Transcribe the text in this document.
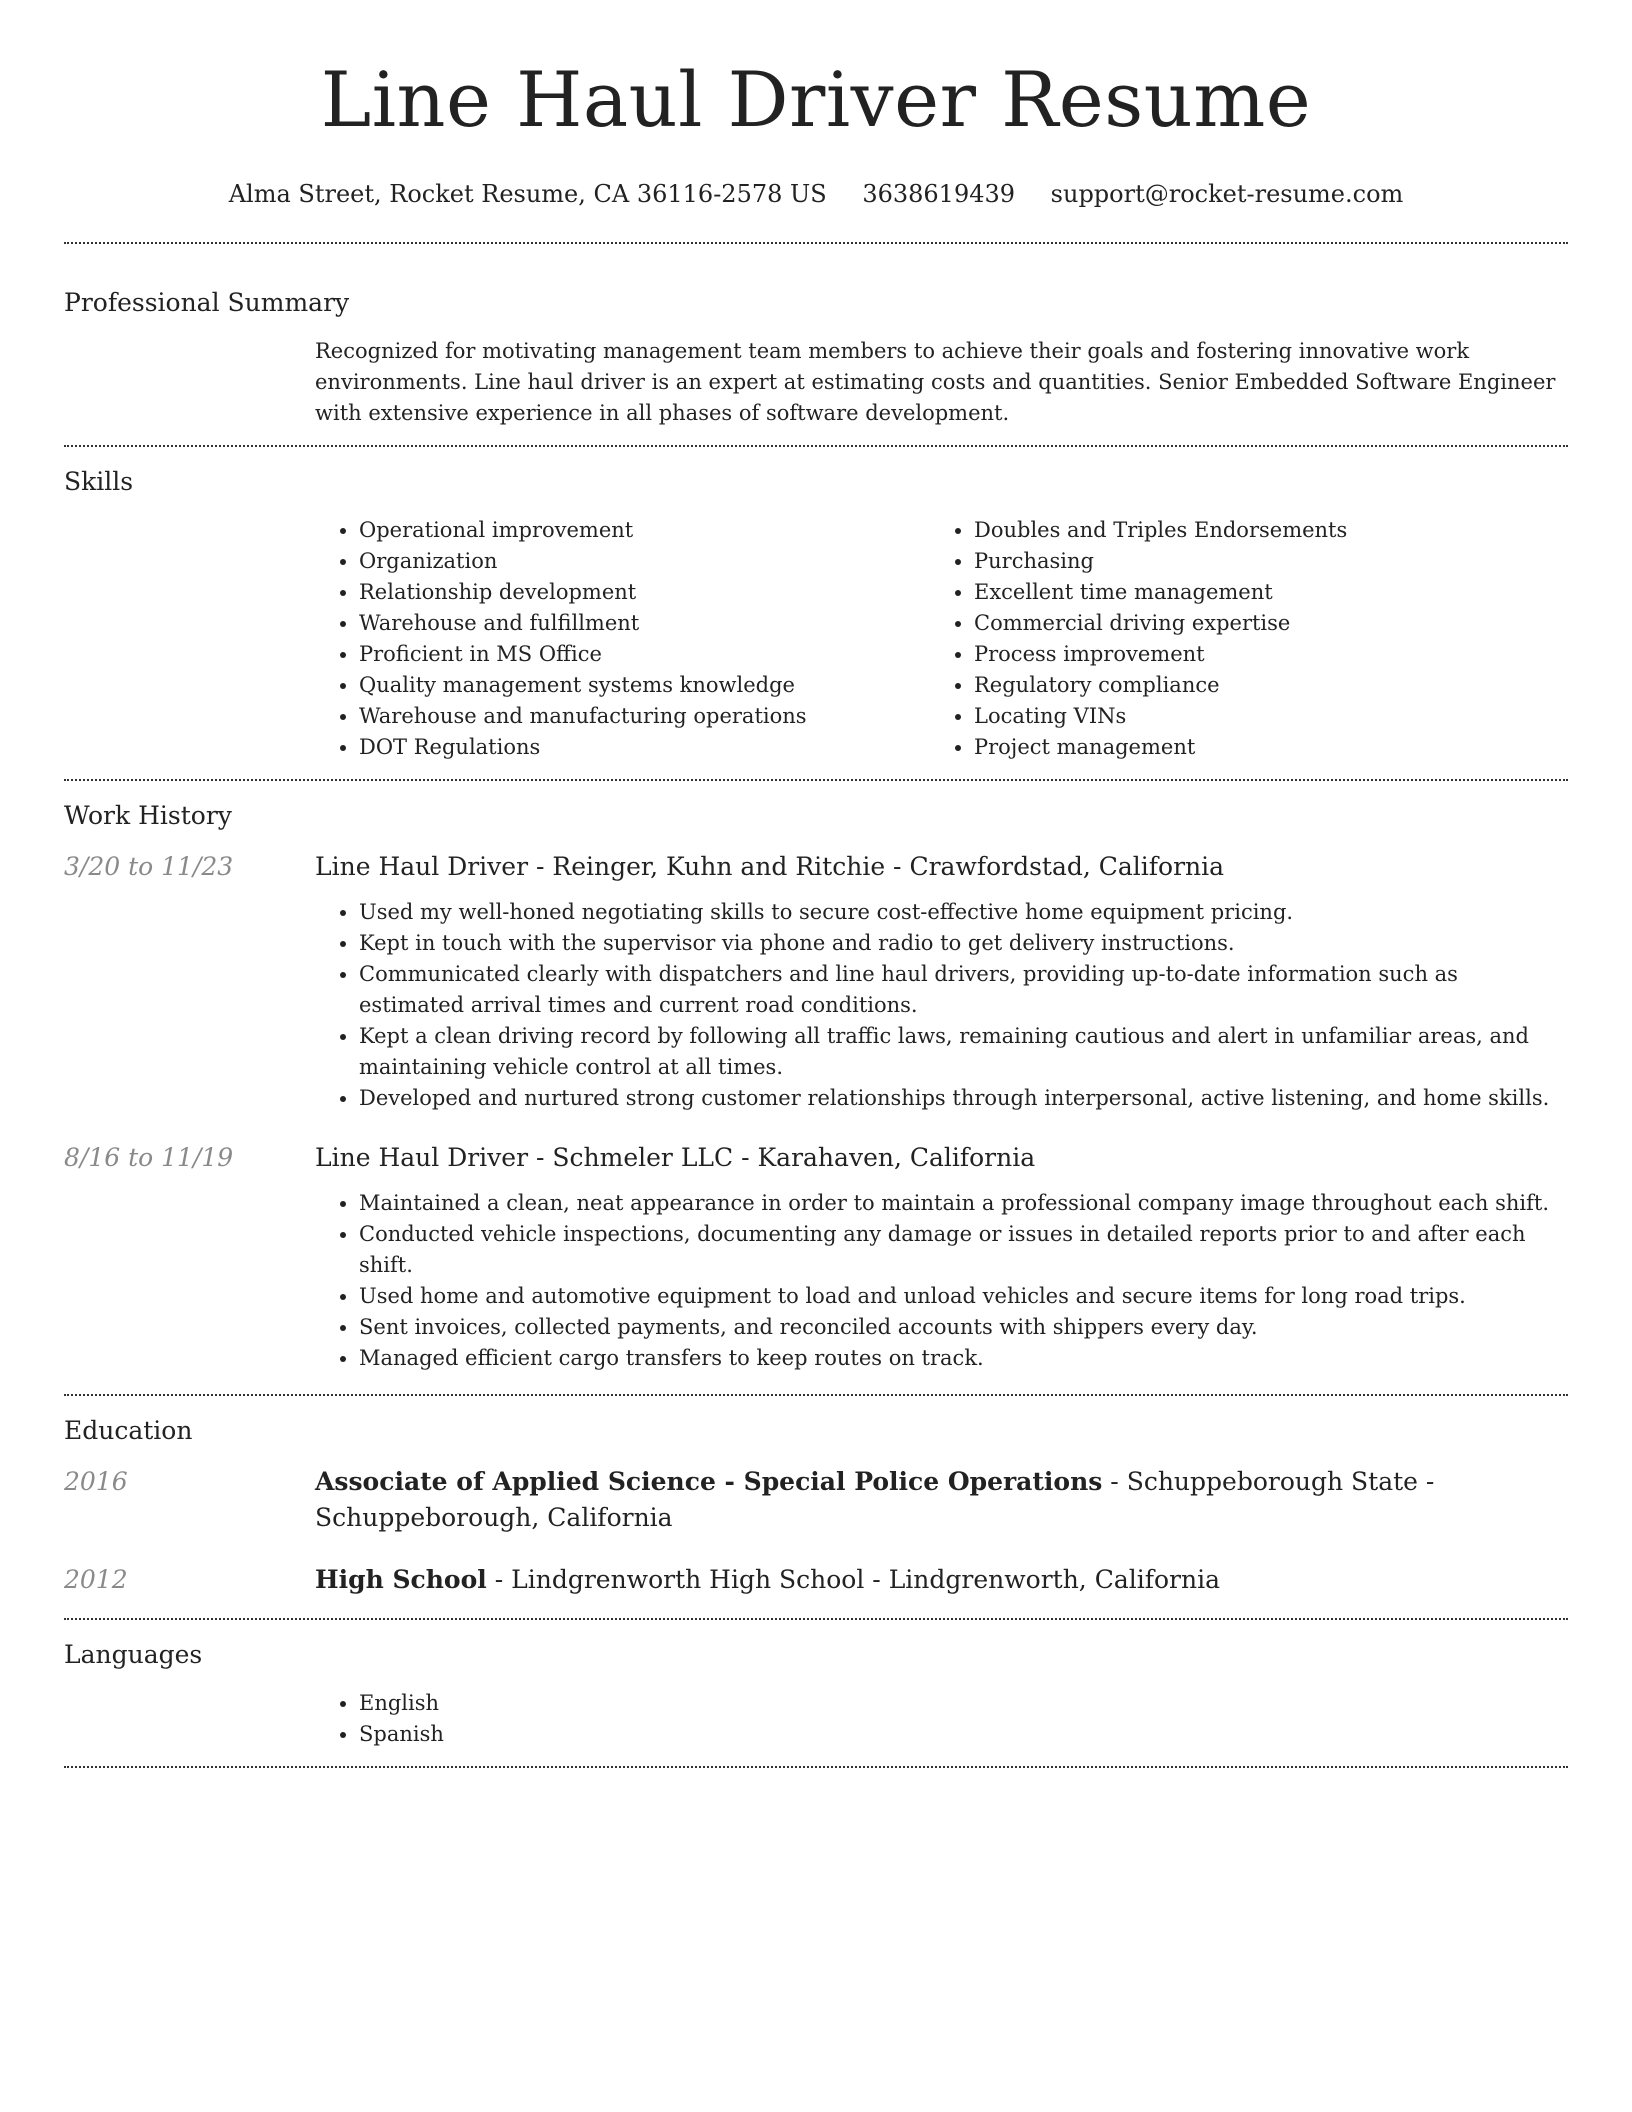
Line Haul Driver Resume
Alma Street, Rocket Resume, CA 36116-2578 US 3638619439 support@rocket-resume.com
Professional Summary

Recognized for motivating management team members to achieve their goals and fostering innovative work environments. Line haul driver is an expert at estimating costs and quantities. Senior Embedded Software Engineer with extensive experience in all phases of software development.

Skills
• Operational improvement
• Organization
• Relationship development
• Warehouse and fulfillment
• Proficient in MS Office
• Quality management systems knowledge
• Warehouse and manufacturing operations
• DOT Regulations
• Doubles and Triples Endorsements
• Purchasing
• Excellent time management
• Commercial driving expertise
• Process improvement
• Regulatory compliance
• Locating VINs
• Project management
Work History
3/20 to 11/23	Line Haul Driver - Reinger, Kuhn and Ritchie - Crawfordstad, California
• Used my well-honed negotiating skills to secure cost-effective home equipment pricing.
• Kept in touch with the supervisor via phone and radio to get delivery instructions.
• Communicated clearly with dispatchers and line haul drivers, providing up-to-date information such as estimated arrival times and current road conditions.
• Kept a clean driving record by following all traffic laws, remaining cautious and alert in unfamiliar areas, and maintaining vehicle control at all times.
• Developed and nurtured strong customer relationships through interpersonal, active listening, and home skills.
8/16 to 11/19	Line Haul Driver - Schmeler LLC - Karahaven, California
• Maintained a clean, neat appearance in order to maintain a professional company image throughout each shift.
• Conducted vehicle inspections, documenting any damage or issues in detailed reports prior to and after each shift.
• Used home and automotive equipment to load and unload vehicles and secure items for long road trips.
• Sent invoices, collected payments, and reconciled accounts with shippers every day.
• Managed efficient cargo transfers to keep routes on track.
Education
2016	Associate of Applied Science - Special Police Operations - Schuppeborough State - Schuppeborough, California
2012	High School - Lindgrenworth High School - Lindgrenworth, California
Languages
• English
• Spanish
